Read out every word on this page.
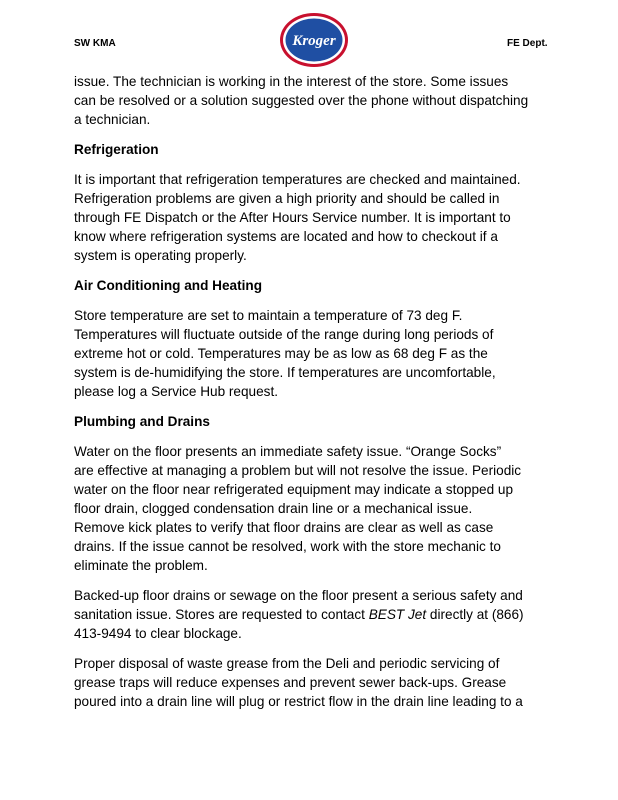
SW KMA	Kroger	FE Dept.

issue. The technician is working in the interest of the store. Some issues
can be resolved or a solution suggested over the phone without dispatching
a technician.

Refrigeration

It is important that refrigeration temperatures are checked and maintained.
Refrigeration problems are given a high priority and should be called in
through FE Dispatch or the After Hours Service number. It is important to
know where refrigeration systems are located and how to checkout if a
system is operating properly.

Air Conditioning and Heating

Store temperature are set to maintain a temperature of 73 deg F.
Temperatures will fluctuate outside of the range during long periods of
extreme hot or cold. Temperatures may be as low as 68 deg F as the
system is de-humidifying the store. If temperatures are uncomfortable,
please log a Service Hub request.

Plumbing and Drains

Water on the floor presents an immediate safety issue. “Orange Socks”
are effective at managing a problem but will not resolve the issue. Periodic
water on the floor near refrigerated equipment may indicate a stopped up
floor drain, clogged condensation drain line or a mechanical issue.
Remove kick plates to verify that floor drains are clear as well as case
drains. If the issue cannot be resolved, work with the store mechanic to
eliminate the problem.

Backed-up floor drains or sewage on the floor present a serious safety and
sanitation issue. Stores are requested to contact BEST Jet directly at (866)
413-9494 to clear blockage.

Proper disposal of waste grease from the Deli and periodic servicing of
grease traps will reduce expenses and prevent sewer back-ups. Grease
poured into a drain line will plug or restrict flow in the drain line leading to a
